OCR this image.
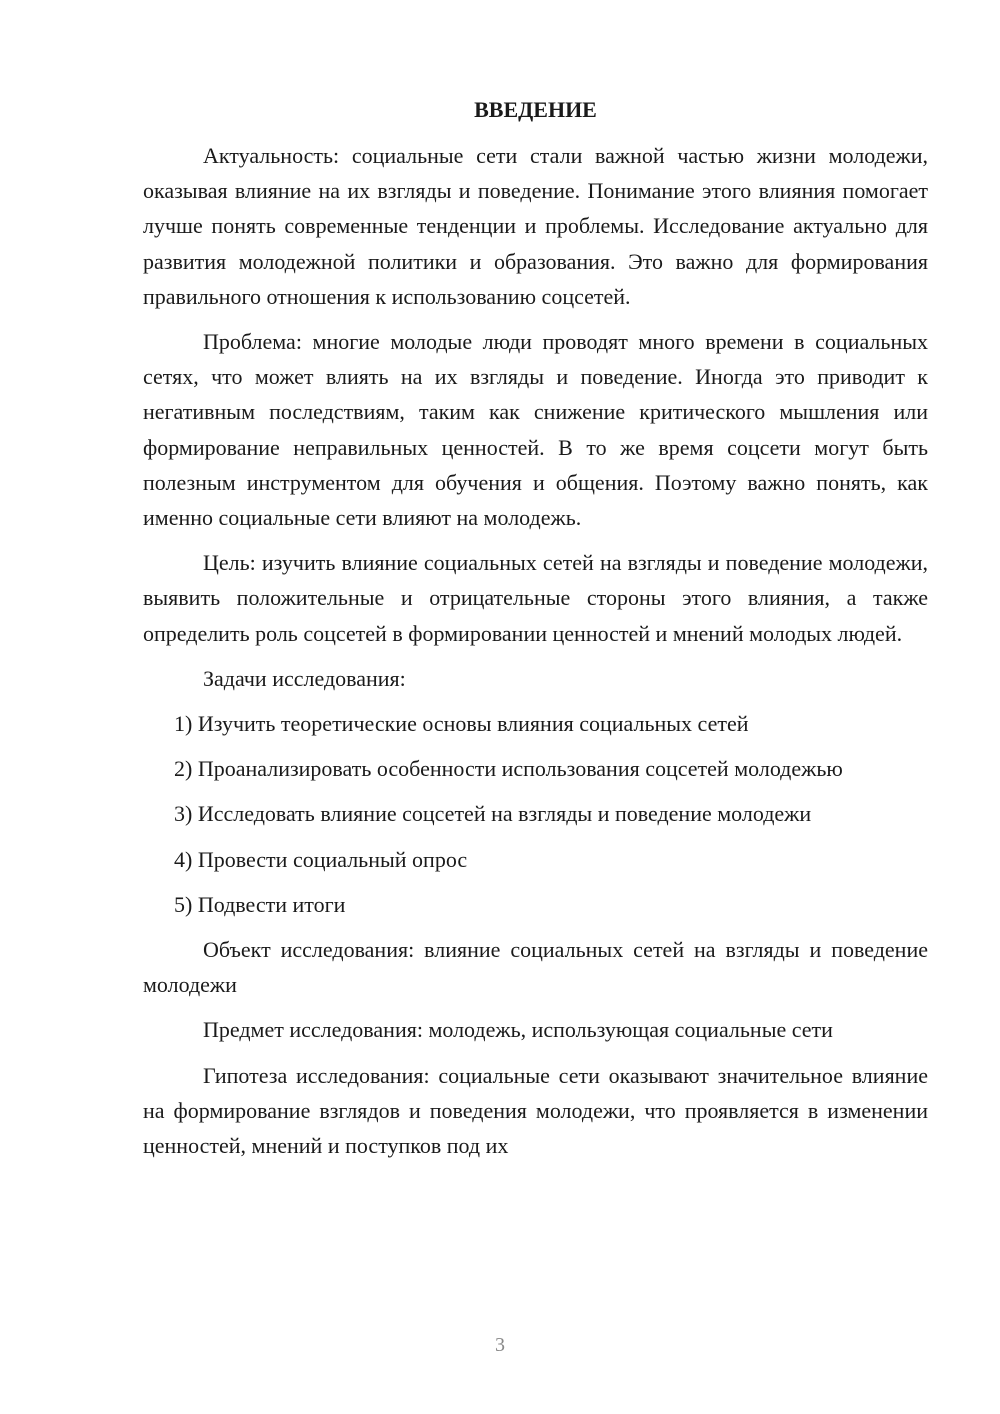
ВВЕДЕНИЕ

Актуальность: социальные сети стали важной частью жизни молодежи, оказывая влияние на их взгляды и поведение. Понимание этого влияния помогает лучше понять современные тенденции и проблемы. Исследование актуально для развития молодежной политики и образования. Это важно для формирования правильного отношения к использованию соцсетей.

Проблема: многие молодые люди проводят много времени в социальных сетях, что может влиять на их взгляды и поведение. Иногда это приводит к негативным последствиям, таким как снижение критического мышления или формирование неправильных ценностей. В то же время соцсети могут быть полезным инструментом для обучения и общения. Поэтому важно понять, как именно социальные сети влияют на молодежь.

Цель: изучить влияние социальных сетей на взгляды и поведение молодежи, выявить положительные и отрицательные стороны этого влияния, а также определить роль соцсетей в формировании ценностей и мнений молодых людей.

Задачи исследования:

1) Изучить теоретические основы влияния социальных сетей

2) Проанализировать особенности использования соцсетей молодежью

3) Исследовать влияние соцсетей на взгляды и поведение молодежи

4) Провести социальный опрос

5) Подвести итоги

Объект исследования: влияние социальных сетей на взгляды и поведение молодежи

Предмет исследования: молодежь, использующая социальные сети

Гипотеза исследования: социальные сети оказывают значительное влияние на формирование взглядов и поведения молодежи, что проявляется в изменении ценностей, мнений и поступков под их

3
